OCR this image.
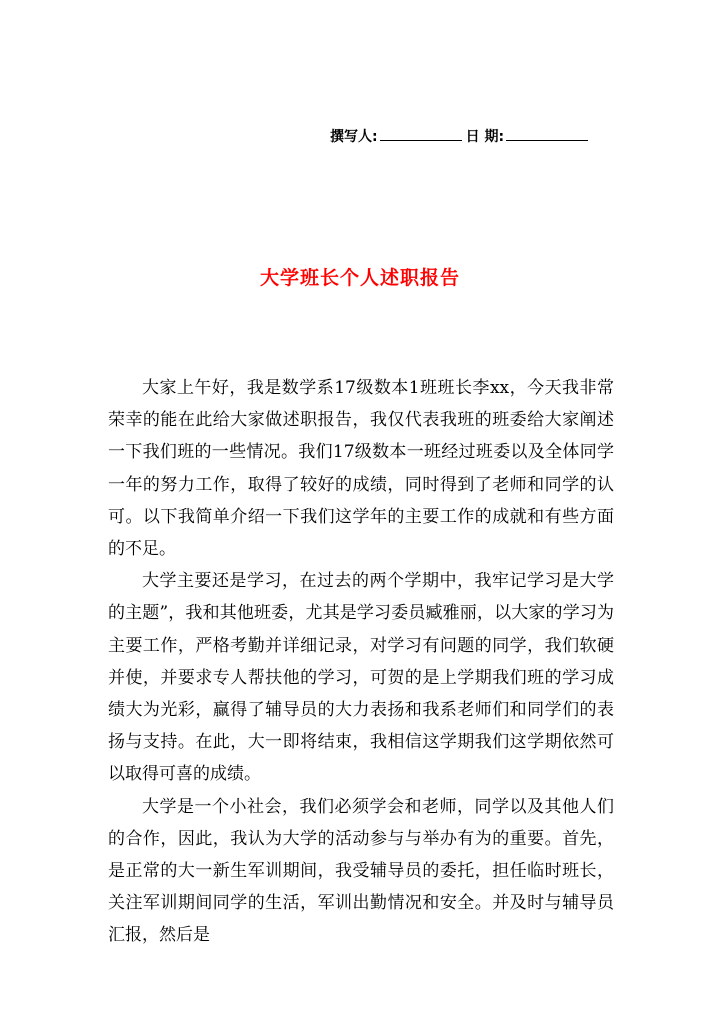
撰写人:	日 期:
大学班长个人述职报告

大家上午好，我是数学系17级数本1班班长李xx，今天我非常荣幸的能在此给大家做述职报告，我仅代表我班的班委给大家阐述一下我们班的一些情况。我们17级数本一班经过班委以及全体同学一年的努力工作，取得了较好的成绩，同时得到了老师和同学的认可。以下我简单介绍一下我们这学年的主要工作的成就和有些方面的不足。

大学主要还是学习，在过去的两个学期中，我牢记学习是大学的主题”，我和其他班委，尤其是学习委员臧雅丽，以大家的学习为主要工作，严格考勤并详细记录，对学习有问题的同学，我们软硬并使，并要求专人帮扶他的学习，可贺的是上学期我们班的学习成绩大为光彩，赢得了辅导员的大力表扬和我系老师们和同学们的表扬与支持。在此，大一即将结束，我相信这学期我们这学期依然可以取得可喜的成绩。

大学是一个小社会，我们必须学会和老师，同学以及其他人们的合作，因此，我认为大学的活动参与与举办有为的重要。首先，是正常的大一新生军训期间，我受辅导员的委托，担任临时班长，关注军训期间同学的生活，军训出勤情况和安全。并及时与辅导员汇报，然后是
